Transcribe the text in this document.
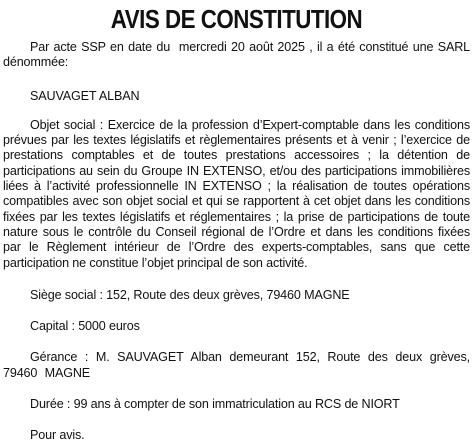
AVIS DE CONSTITUTION

Par acte SSP en date du mercredi 20 août 2025 , il a été constitué une SARL dénommée:

SAUVAGET ALBAN

Objet social : Exercice de la profession d’Expert-comptable dans les conditions prévues par les textes législatifs et règlementaires présents et à venir ; l’exercice de prestations comptables et de toutes prestations accessoires ; la détention de participations au sein du Groupe IN EXTENSO, et/ou des participations immobilières liées à l’activité professionnelle IN EXTENSO ; la réalisation de toutes opérations compatibles avec son objet social et qui se rapportent à cet objet dans les conditions fixées par les textes législatifs et réglementaires ; la prise de participations de toute nature sous le contrôle du Conseil régional de l’Ordre et dans les conditions fixées par le Règlement intérieur de l’Ordre des experts-comptables, sans que cette participation ne constitue l’objet principal de son activité.

Siège social : 152, Route des deux grèves, 79460 MAGNE

Capital : 5000 euros

Gérance : M. SAUVAGET Alban demeurant 152, Route des deux grèves, 79460 MAGNE

Durée : 99 ans à compter de son immatriculation au RCS de NIORT

Pour avis.
